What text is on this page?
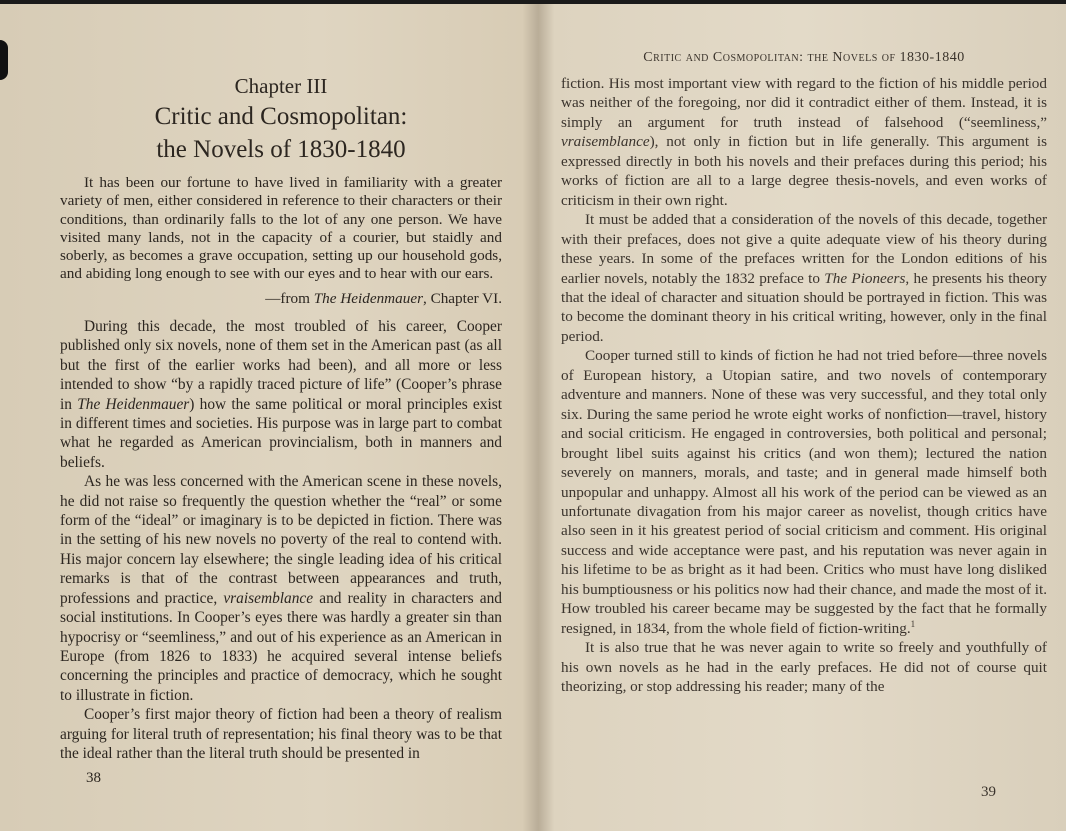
Chapter III
Critic and Cosmopolitan:
the Novels of 1830-1840

It has been our fortune to have lived in familiarity with a greater variety of men, either considered in reference to their characters or their conditions, than ordinarily falls to the lot of any one person. We have visited many lands, not in the capacity of a courier, but staidly and soberly, as becomes a grave occupation, setting up our household gods, and abiding long enough to see with our eyes and to hear with our ears.

—from The Heidenmauer, Chapter VI.

During this decade, the most troubled of his career, Cooper published only six novels, none of them set in the American past (as all but the first of the earlier works had been), and all more or less intended to show “by a rapidly traced picture of life” (Cooper’s phrase in The Heidenmauer) how the same political or moral principles exist in different times and societies. His purpose was in large part to combat what he regarded as American provincialism, both in manners and beliefs.

As he was less concerned with the American scene in these novels, he did not raise so frequently the question whether the “real” or some form of the “ideal” or imaginary is to be depicted in fiction. There was in the setting of his new novels no poverty of the real to contend with. His major concern lay elsewhere; the single leading idea of his critical remarks is that of the contrast between appearances and truth, professions and practice, vraisemblance and reality in characters and social institutions. In Cooper’s eyes there was hardly a greater sin than hypocrisy or “seemliness,” and out of his experience as an American in Europe (from 1826 to 1833) he acquired several intense beliefs concerning the principles and practice of democracy, which he sought to illustrate in fiction.

Cooper’s first major theory of fiction had been a theory of realism arguing for literal truth of representation; his final theory was to be that the ideal rather than the literal truth should be presented in

38
Critic and Cosmopolitan: the Novels of 1830-1840

fiction. His most important view with regard to the fiction of his middle period was neither of the foregoing, nor did it contradict either of them. Instead, it is simply an argument for truth instead of falsehood (“seemliness,” vraisemblance), not only in fiction but in life generally. This argument is expressed directly in both his novels and their prefaces during this period; his works of fiction are all to a large degree thesis-novels, and even works of criticism in their own right.

It must be added that a consideration of the novels of this decade, together with their prefaces, does not give a quite adequate view of his theory during these years. In some of the prefaces written for the London editions of his earlier novels, notably the 1832 preface to The Pioneers, he presents his theory that the ideal of character and situation should be portrayed in fiction. This was to become the dominant theory in his critical writing, however, only in the final period.

Cooper turned still to kinds of fiction he had not tried before—three novels of European history, a Utopian satire, and two novels of contemporary adventure and manners. None of these was very successful, and they total only six. During the same period he wrote eight works of nonfiction—travel, history and social criticism. He engaged in controversies, both political and personal; brought libel suits against his critics (and won them); lectured the nation severely on manners, morals, and taste; and in general made himself both unpopular and unhappy. Almost all his work of the period can be viewed as an unfortunate divagation from his major career as novelist, though critics have also seen in it his greatest period of social criticism and comment. His original success and wide acceptance were past, and his reputation was never again in his lifetime to be as bright as it had been. Critics who must have long disliked his bumptiousness or his politics now had their chance, and made the most of it. How troubled his career became may be suggested by the fact that he formally resigned, in 1834, from the whole field of fiction-writing.$^1$

It is also true that he was never again to write so freely and youthfully of his own novels as he had in the early prefaces. He did not of course quit theorizing, or stop addressing his reader; many of the

39
